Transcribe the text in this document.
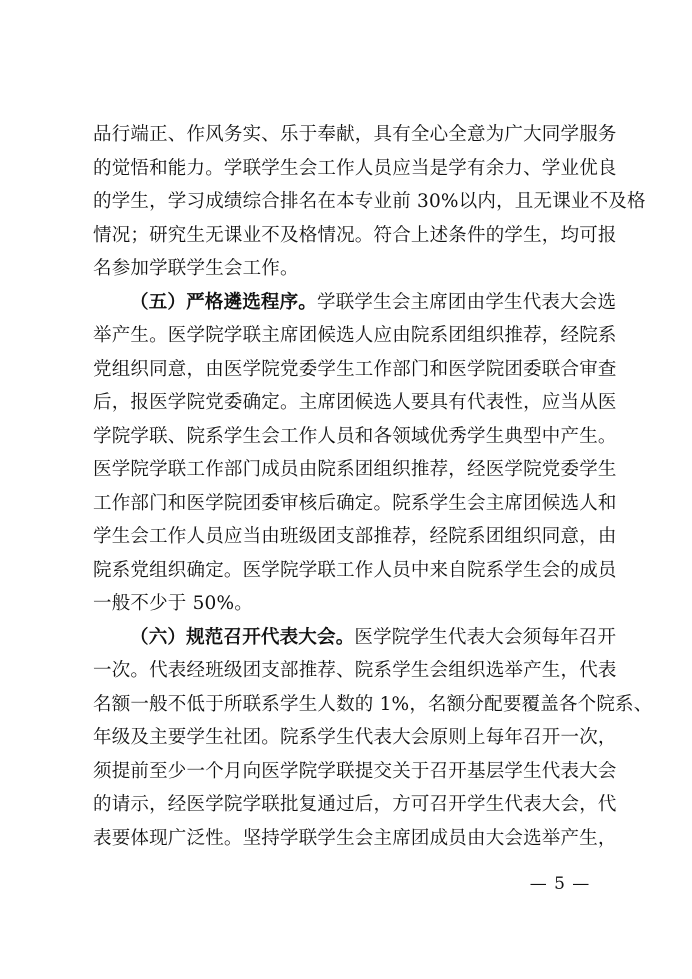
品行端正、作风务实、乐于奉献，具有全心全意为广大同学服务
的觉悟和能力。学联学生会工作人员应当是学有余力、学业优良
的学生，学习成绩综合排名在本专业前 30%以内，且无课业不及格
情况；研究生无课业不及格情况。符合上述条件的学生，均可报
名参加学联学生会工作。
（五）严格遴选程序。学联学生会主席团由学生代表大会选
举产生。医学院学联主席团候选人应由院系团组织推荐，经院系
党组织同意，由医学院党委学生工作部门和医学院团委联合审查
后，报医学院党委确定。主席团候选人要具有代表性，应当从医
学院学联、院系学生会工作人员和各领域优秀学生典型中产生。
医学院学联工作部门成员由院系团组织推荐，经医学院党委学生
工作部门和医学院团委审核后确定。院系学生会主席团候选人和
学生会工作人员应当由班级团支部推荐，经院系团组织同意，由
院系党组织确定。医学院学联工作人员中来自院系学生会的成员
一般不少于 50%。
（六）规范召开代表大会。医学院学生代表大会须每年召开
一次。代表经班级团支部推荐、院系学生会组织选举产生，代表
名额一般不低于所联系学生人数的 1%，名额分配要覆盖各个院系、
年级及主要学生社团。院系学生代表大会原则上每年召开一次，
须提前至少一个月向医学院学联提交关于召开基层学生代表大会
的请示，经医学院学联批复通过后，方可召开学生代表大会，代
表要体现广泛性。坚持学联学生会主席团成员由大会选举产生，
— 5 —
